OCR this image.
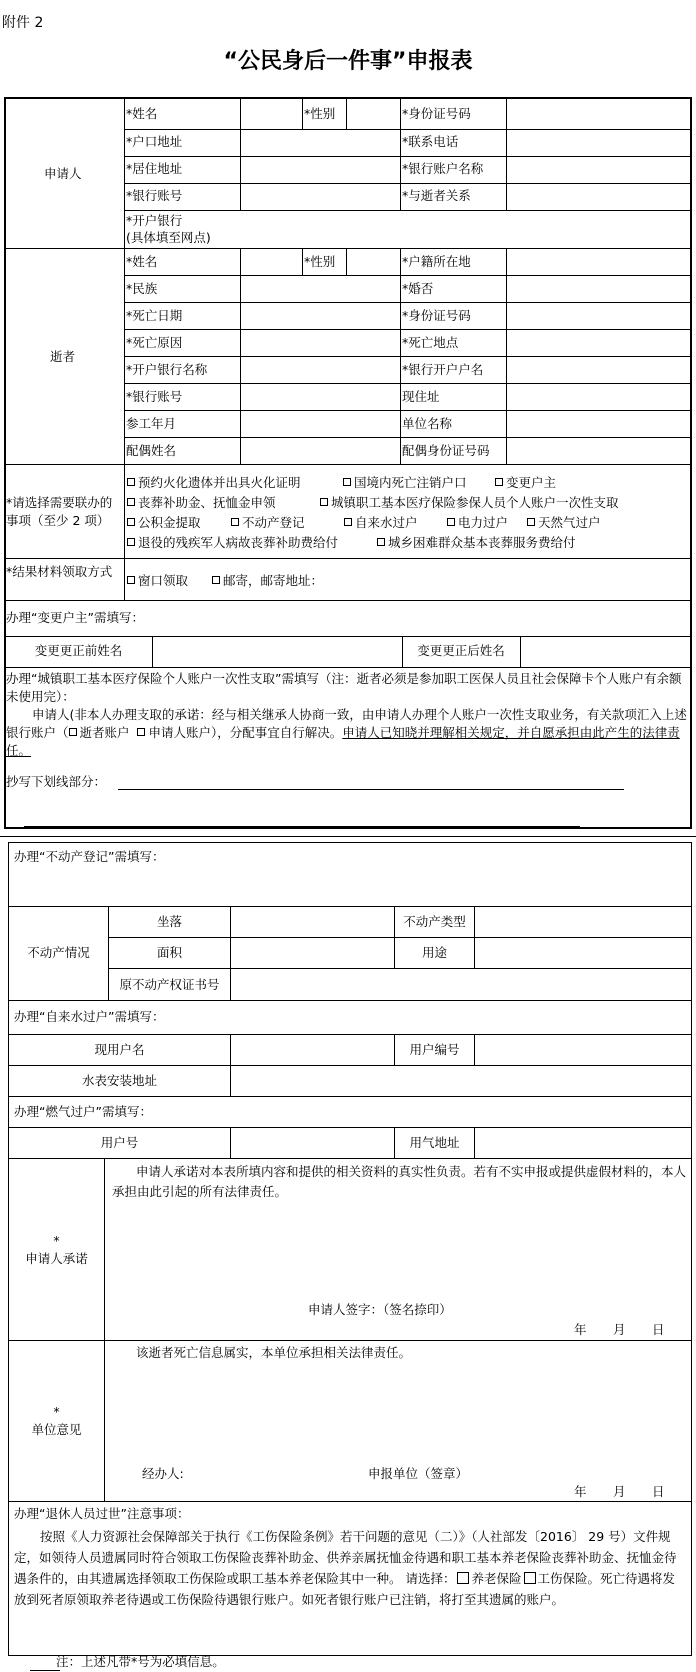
附件 2
“公民身后一件事”申报表
申请人
*姓名	*性别	*身份证号码
*户口地址	*联系电话
*居住地址	*银行账户名称
*银行账号	*与逝者关系
*开户银行
(具体填至网点)
逝者
*姓名	*性别	*户籍所在地
*民族	*婚否
*死亡日期	*身份证号码
*死亡原因	*死亡地点
*开户银行名称	*银行开户户名
*银行账号	现住址
参工年月	单位名称
配偶姓名	配偶身份证号码
*请选择需要联办的事项（至少 2 项）
预约火化遗体并出具火化证明	国境内死亡注销户口	变更户主
丧葬补助金、抚恤金申领	城镇职工基本医疗保险参保人员个人账户一次性支取
公积金提取	不动产登记	自来水过户	电力过户	天然气过户
退役的残疾军人病故丧葬补助费给付	城乡困难群众基本丧葬服务费给付
*结果材料领取方式
窗口领取	邮寄，邮寄地址：
办理“变更户主”需填写：
变更更正前姓名	变更更正后姓名
办理“城镇职工基本医疗保险个人账户一次性支取”需填写（注：逝者必须是参加职工医保人员且社会保障卡个人账户有余额未使用完）：
申请人(非本人办理支取的承诺：经与相关继承人协商一致，由申请人办理个人账户一次性支取业务，有关款项汇入上述银行账户（ 逝者账户 申请人账户），分配事宜自行解决。申请人已知晓并理解相关规定，并自愿承担由此产生的法律责任。
抄写下划线部分：
办理“不动产登记”需填写：
不动产情况
坐落	不动产类型
面积	用途
原不动产权证书号
办理“自来水过户”需填写：
现用户名	用户编号
水表安装地址
办理“燃气过户”需填写：
用户号	用气地址
*
申请人承诺
申请人承诺对本表所填内容和提供的相关资料的真实性负责。若有不实申报或提供虚假材料的，本人承担由此引起的所有法律责任。
申请人签字：（签名捺印）
年 月 日
*
单位意见
该逝者死亡信息属实，本单位承担相关法律责任。
经办人:	申报单位（签章）
年 月 日
办理“退休人员过世”注意事项：
按照《人力资源社会保障部关于执行《工伤保险条例》若干问题的意见（二）》（人社部发〔2016〕 29 号）文件规定，如领待人员遗属同时符合领取工伤保险丧葬补助金、供养亲属抚恤金待遇和职工基本养老保险丧葬补助金、抚恤金待遇条件的，由其遗属选择领取工伤保险或职工基本养老保险其中一种。 请选择： 养老保险 工伤保险。死亡待遇将发放到死者原领取养老待遇或工伤保险待遇银行账户。如死者银行账户已注销，将打至其遗属的账户。
注：上述凡带*号为必填信息。
